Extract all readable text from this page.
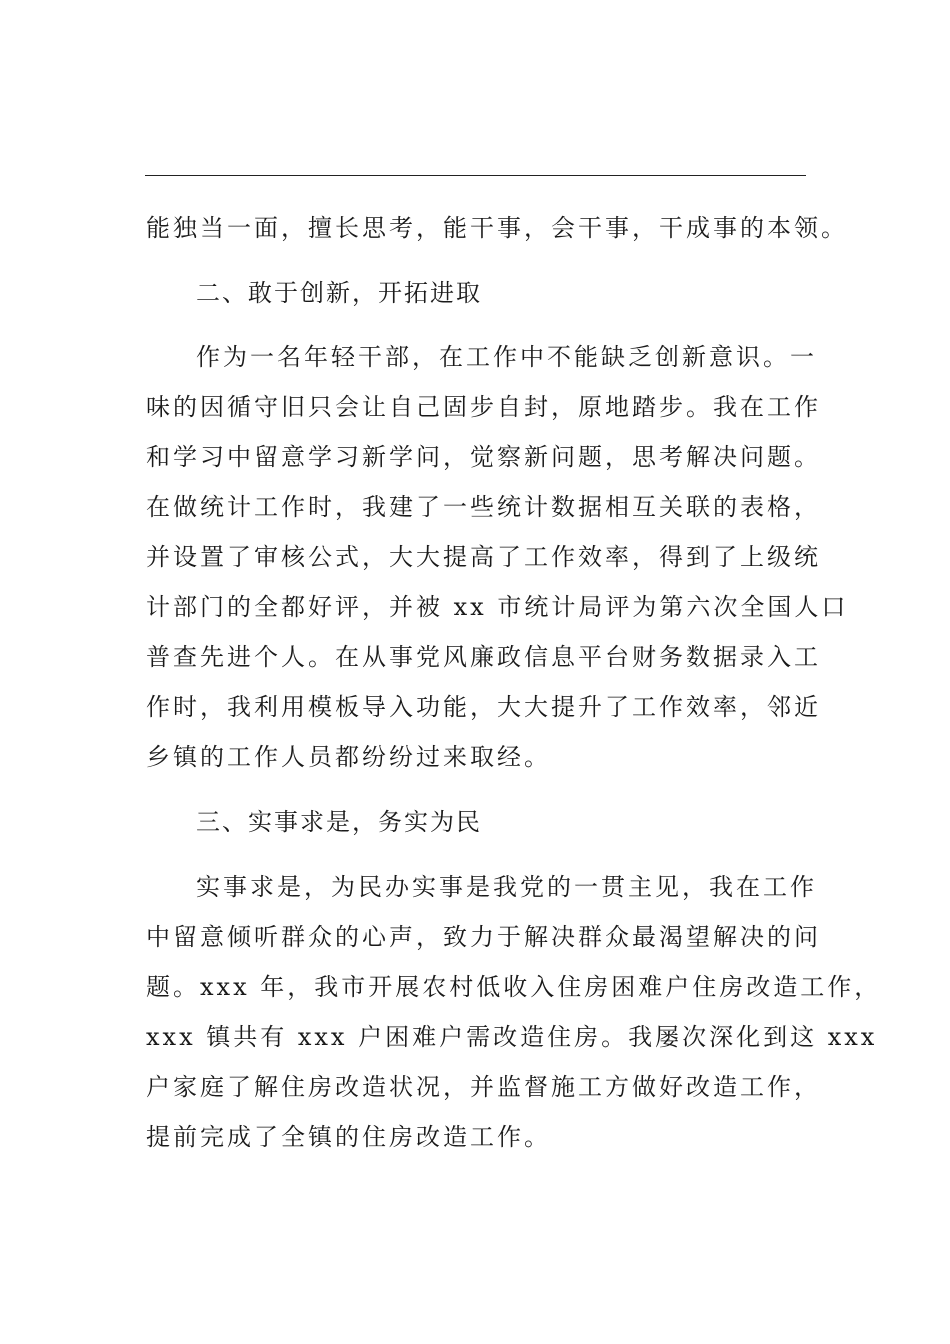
能独当一面，擅长思考，能干事，会干事，干成事的本领。
二、敢于创新，开拓进取
作为一名年轻干部，在工作中不能缺乏创新意识。一
味的因循守旧只会让自己固步自封，原地踏步。我在工作
和学习中留意学习新学问，觉察新问题，思考解决问题。
在做统计工作时，我建了一些统计数据相互关联的表格，
并设置了审核公式，大大提高了工作效率，得到了上级统
计部门的全都好评，并被 xx 市统计局评为第六次全国人口
普查先进个人。在从事党风廉政信息平台财务数据录入工
作时，我利用模板导入功能，大大提升了工作效率，邻近
乡镇的工作人员都纷纷过来取经。
三、实事求是，务实为民
实事求是，为民办实事是我党的一贯主见，我在工作
中留意倾听群众的心声，致力于解决群众最渴望解决的问
题。xxx 年，我市开展农村低收入住房困难户住房改造工作，
xxx 镇共有 xxx 户困难户需改造住房。我屡次深化到这 xxx
户家庭了解住房改造状况，并监督施工方做好改造工作，
提前完成了全镇的住房改造工作。
